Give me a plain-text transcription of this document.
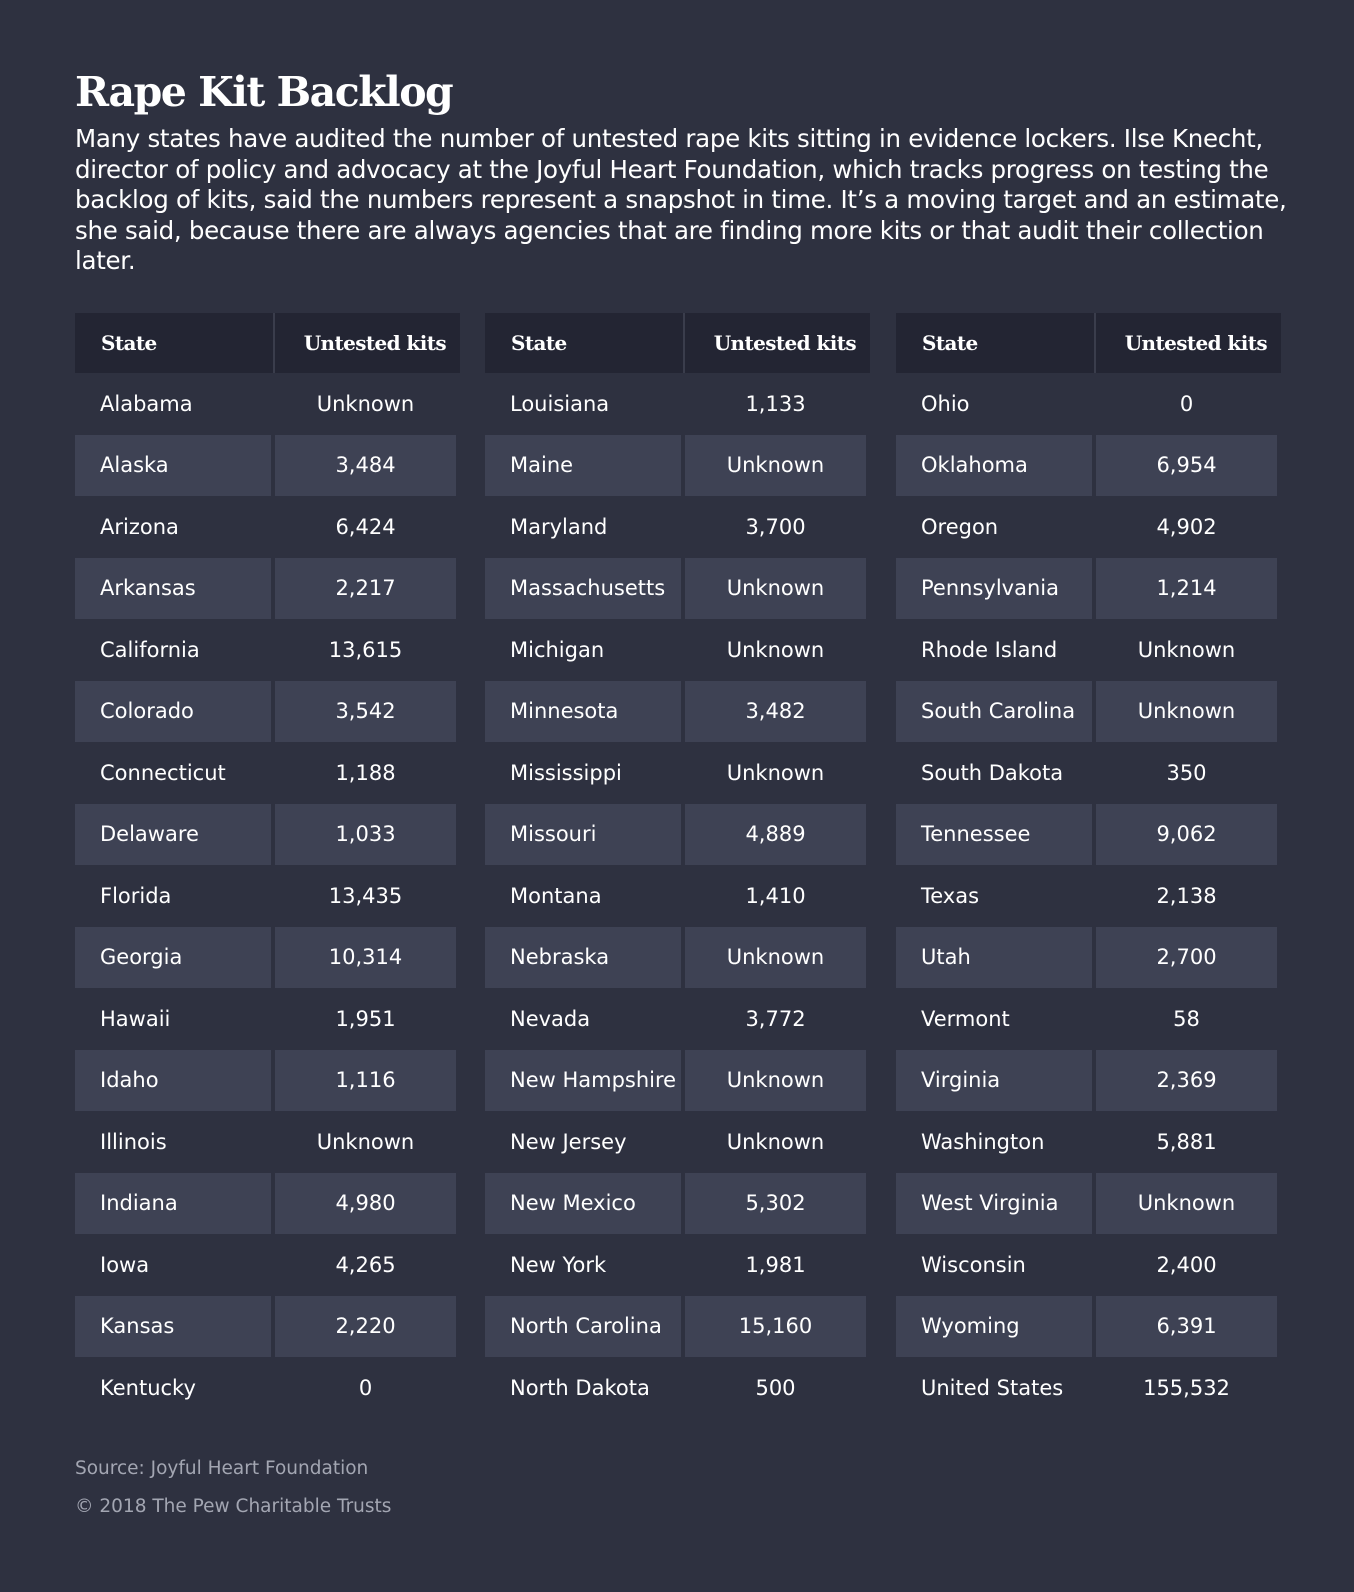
Rape Kit Backlog
Many states have audited the number of untested rape kits sitting in evidence lockers. Ilse Knecht, director of policy and advocacy at the Joyful Heart Foundation, which tracks progress on testing the backlog of kits, said the numbers represent a snapshot in time. It’s a moving target and an estimate, she said, because there are always agencies that are finding more kits or that audit their collection later.
State	Untested kits
Alabama	Unknown
Alaska	3,484
Arizona	6,424
Arkansas	2,217
California	13,615
Colorado	3,542
Connecticut	1,188
Delaware	1,033
Florida	13,435
Georgia	10,314
Hawaii	1,951
Idaho	1,116
Illinois	Unknown
Indiana	4,980
Iowa	4,265
Kansas	2,220
Kentucky	0
State	Untested kits
Louisiana	1,133
Maine	Unknown
Maryland	3,700
Massachusetts	Unknown
Michigan	Unknown
Minnesota	3,482
Mississippi	Unknown
Missouri	4,889
Montana	1,410
Nebraska	Unknown
Nevada	3,772
New Hampshire	Unknown
New Jersey	Unknown
New Mexico	5,302
New York	1,981
North Carolina	15,160
North Dakota	500
State	Untested kits
Ohio	0
Oklahoma	6,954
Oregon	4,902
Pennsylvania	1,214
Rhode Island	Unknown
South Carolina	Unknown
South Dakota	350
Tennessee	9,062
Texas	2,138
Utah	2,700
Vermont	58
Virginia	2,369
Washington	5,881
West Virginia	Unknown
Wisconsin	2,400
Wyoming	6,391
United States	155,532
Source: Joyful Heart Foundation
© 2018 The Pew Charitable Trusts
